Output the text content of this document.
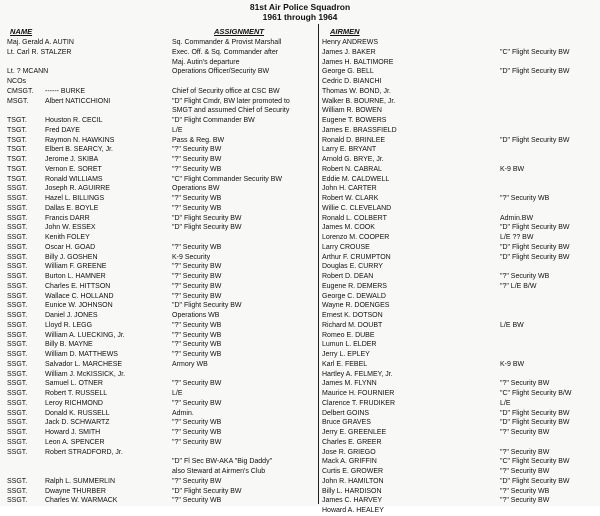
81st Air Police Squadron
1961 through 1964
NAME	ASSIGNMENT	AIRMEN
Maj. Gerald A. AUTIN	Sq. Commander & Provist Marshall
Lt. Carl R. STALZER	Exec. Off. & Sq. Commander after
Maj. Autin's departure
Lt. ? MCANN	Operations Officer/Security BW
NCOs
CMSGT. ------ BURKE	Chief of Security office at CSC BW
MSGT. Albert NATICCHIONI	"D" Flight Cmdr, BW later promoted to
SMGT and assumed Chief of Security
TSGT.	Houston R. CECIL	"D" Flight Commander BW
TSGT.	Fred DAYE	L/E
TSGT.	Raymon N. HAWKINS	Pass & Reg. BW
TSGT.	Elbert B. SEARCY, Jr.	"?" Security BW
TSGT.	Jerome J. SKIBA	"?" Security BW
TSGT.	Vernon E. SORET	"?" Security WB
TSGT.	Ronald WILLIAMS	"C" Flight Commander Security BW
SSGT.	Joseph R. AGUIRRE	Operations BW
SSGT.	Hazel L. BILLINGS	"?" Security WB
SSGT.	Dallas E. BOYLE	"?" Security WB
SSGT.	Francis DARR	"D" Flight Security BW
SSGT.	John W. ESSEX	"D" Flight Security BW
SSGT.	Kenith FOLEY
SSGT.	Oscar H. GOAD	"?" Security WB
SSGT.	Billy J. GOSHEN	K-9 Security
SSGT.	William F. GREENE	"?" Security BW
SSGT.	Burton L. HAMNER	"?" Security BW
SSGT.	Charles E. HITTSON	"?" Security BW
SSGT.	Wallace C. HOLLAND	"?" Security BW
SSGT.	Eunice W. JOHNSON	"D" Flight Security BW
SSGT.	Daniel J. JONES	Operations WB
SSGT.	Lloyd R. LEGG	"?" Security WB
SSGT.	William A. LUECKING, Jr.	"?" Security WB
SSGT.	Billy B. MAYNE	"?" Security WB
SSGT.	William D. MATTHEWS	"?" Security WB
SSGT.	Salvador L. MARCHESE	Armory WB
SSGT.	William J. McKISSICK, Jr.
SSGT.	Samuel L. OTNER	"?" Security BW
SSGT.	Robert T. RUSSELL	L/E
SSGT.	Leroy RICHMOND	"?" Security BW
SSGT.	Donald K. RUSSELL	Admin.
SSGT.	Jack D. SCHWARTZ	"?" Security WB
SSGT.	Howard J. SMITH	"?" Security WB
SSGT.	Leon A. SPENCER	"?" Security BW
SSGT.	Robert STRADFORD, Jr.
"D" Fl Sec BW-AKA "Big Daddy"
also Steward at Airmen's Club
SSGT.	Ralph L. SUMMERLIN	"?" Security BW
SSGT.	Dwayne THURBER	"D" Flight Security BW
SSGT.	Charles W. WARMACK	"?" Security WB
Henry ANDREWS
James J. BAKER	"C" Flight Security BW
James H. BALTIMORE
George G. BELL	"D" Flight Security BW
Cedric D. BIANCHI
Thomas W. BOND, Jr.
Walker B. BOURNE, Jr.
William R. BOWEN
Eugene T. BOWERS
James E. BRASSFIELD
Ronald D. BRINLEE	"D" Flight Security BW
Larry E. BRYANT
Arnold G. BRYE, Jr.
Robert N. CABRAL	K-9 BW
Eddie M. CALDWELL
John H. CARTER
Robert W. CLARK	"?" Security WB
Willie C. CLEVELAND
Ronald L. COLBERT	Admin.BW
James M. COOK	"D" Flight Security BW
Lorenzo M. COOPER	L/E ?? BW
Larry CROUSE	"D" Flight Security BW
Arthur F. CRUMPTON	"D" Flight Security BW
Douglas E. CURRY
Robert D. DEAN	"?" Security WB
Eugene R. DEMERS	"?" L/E B/W
George C. DEWALD
Wayne R. DOENGES
Ernest K. DOTSON
Richard M. DOUBT	L/E BW
Romeo E. DUBE
Lumun L. ELDER
Jerry L. EPLEY
Karl E. FEBEL	K-9 BW
Hartley A. FELMEY, Jr.
James M. FLYNN	"?" Security BW
Maurice H. FOURNIER	"C" Flight Security B/W
Clarence T. FRUDIKER	L/E
Delbert GOINS	"D" Flight Security BW
Bruce GRAVES	"D" Flight Security BW
Jerry E. GREENLEE	"?" Security BW
Charles E. GREER
Jose R. GRIEGO	"?" Security BW
Mack A. GRIFFIN	"C" Flight Security BW
Curtis E. GROWER	"?" Security BW
John R. HAMILTON	"D" Flight Security BW
Billy L. HARDISON	"?" Security WB
James C. HARVEY	"?" Security BW
Howard A. HEALEY
